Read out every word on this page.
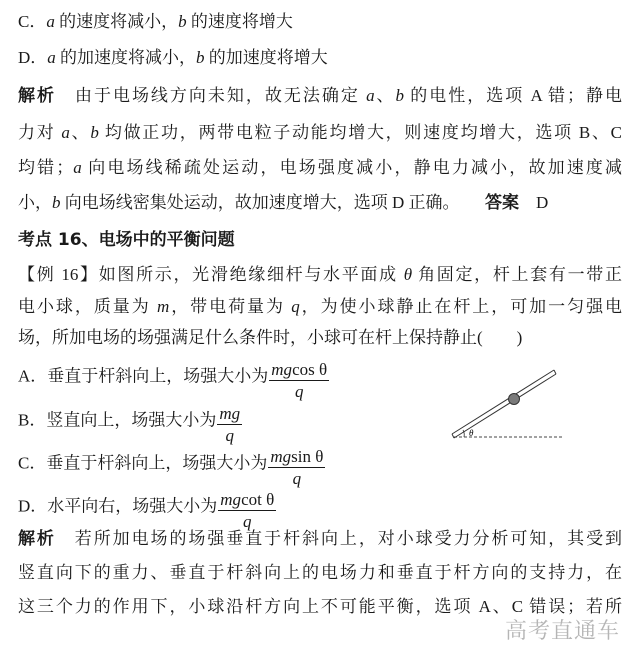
C．a 的速度将减小，b 的速度将增大
D．a 的加速度将减小，b 的加速度将增大
解析　由于电场线方向未知，故无法确定 a、b 的电性，选项 A 错；静电
力对 a、b 均做正功，两带电粒子动能均增大，则速度均增大，选项 B、C
均错；a 向电场线稀疏处运动，电场强度减小，静电力减小，故加速度减
小，b 向电场线密集处运动，故加速度增大，选项 D 正确。　　答案　D
考点 16、电场中的平衡问题
【例 16】如图所示，光滑绝缘细杆与水平面成 θ 角固定，杆上套有一带正
电小球，质量为 m，带电荷量为 q，为使小球静止在杆上，可加一匀强电
场，所加电场的场强满足什么条件时，小球可在杆上保持静止(　　)
解析　若所加电场的场强垂直于杆斜向上，对小球受力分析可知，其受到
竖直向下的重力、垂直于杆斜向上的电场力和垂直于杆方向的支持力，在
这三个力的作用下，小球沿杆方向上不可能平衡，选项 A、C 错误；若所
A．垂直于杆斜向上，场强大小为 $\frac{\text{mgcos θ}}{q}$
B．竖直向上，场强大小为 $\frac{mg}{q}$
C．垂直于杆斜向上，场强大小为 $\frac{\text{mgsin θ}}{q}$
D．水平向右，场强大小为 $\frac{\text{mgcot θ}}{q}$
θ
高考直通车
